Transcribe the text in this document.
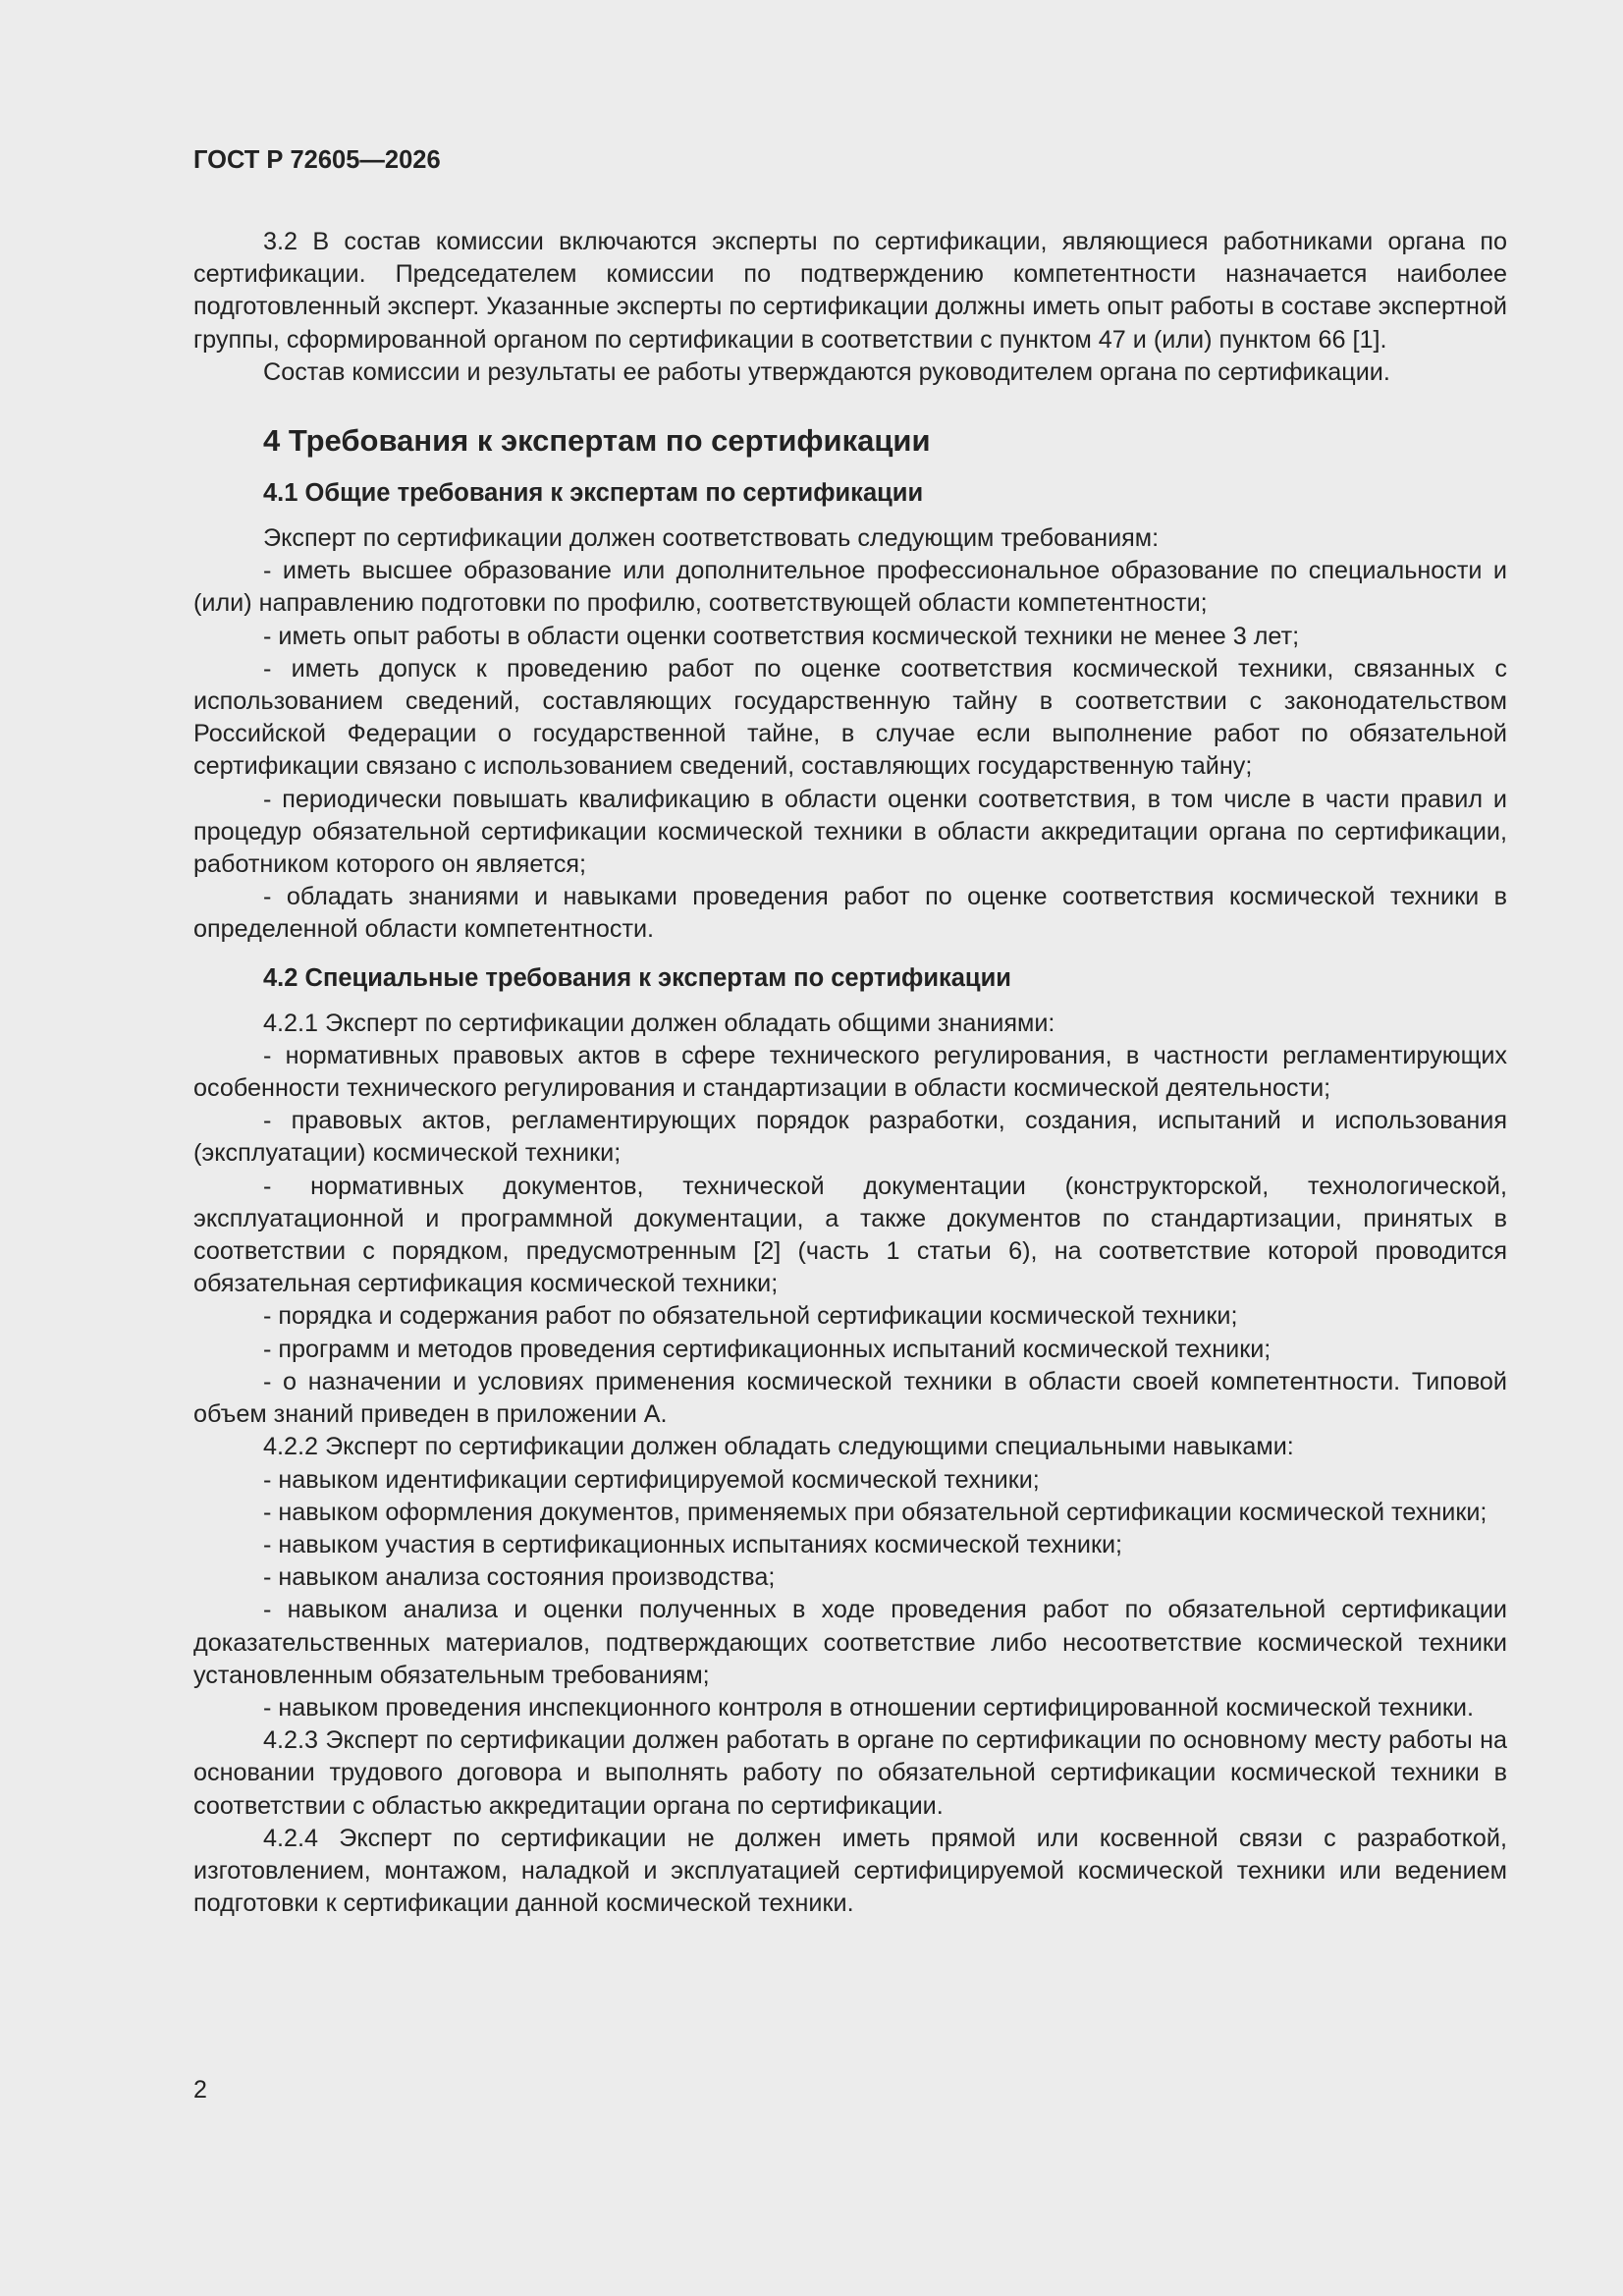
ГОСТ Р 72605—2026

3.2 В состав комиссии включаются эксперты по сертификации, являющиеся работниками органа по сертификации. Председателем комиссии по подтверждению компетентности назначается наиболее подготовленный эксперт. Указанные эксперты по сертификации должны иметь опыт работы в составе экспертной группы, сформированной органом по сертификации в соответствии с пунктом 47 и (или) пунктом 66 [1].

Состав комиссии и результаты ее работы утверждаются руководителем органа по сертификации.

4 Требования к экспертам по сертификации
4.1 Общие требования к экспертам по сертификации

Эксперт по сертификации должен соответствовать следующим требованиям:

- иметь высшее образование или дополнительное профессиональное образование по специальности и (или) направлению подготовки по профилю, соответствующей области компетентности;

- иметь опыт работы в области оценки соответствия космической техники не менее 3 лет;

- иметь допуск к проведению работ по оценке соответствия космической техники, связанных с использованием сведений, составляющих государственную тайну в соответствии с законодательством Российской Федерации о государственной тайне, в случае если выполнение работ по обязательной сертификации связано с использованием сведений, составляющих государственную тайну;

- периодически повышать квалификацию в области оценки соответствия, в том числе в части правил и процедур обязательной сертификации космической техники в области аккредитации органа по сертификации, работником которого он является;

- обладать знаниями и навыками проведения работ по оценке соответствия космической техники в определенной области компетентности.

4.2 Специальные требования к экспертам по сертификации

4.2.1 Эксперт по сертификации должен обладать общими знаниями:

- нормативных правовых актов в сфере технического регулирования, в частности регламентирующих особенности технического регулирования и стандартизации в области космической деятельности;

- правовых актов, регламентирующих порядок разработки, создания, испытаний и использования (эксплуатации) космической техники;

- нормативных документов, технической документации (конструкторской, технологической, эксплуатационной и программной документации, а также документов по стандартизации, принятых в соответствии с порядком, предусмотренным [2] (часть 1 статьи 6), на соответствие которой проводится обязательная сертификация космической техники;

- порядка и содержания работ по обязательной сертификации космической техники;

- программ и методов проведения сертификационных испытаний космической техники;

- о назначении и условиях применения космической техники в области своей компетентности. Типовой объем знаний приведен в приложении А.

4.2.2 Эксперт по сертификации должен обладать следующими специальными навыками:

- навыком идентификации сертифицируемой космической техники;

- навыком оформления документов, применяемых при обязательной сертификации космической техники;

- навыком участия в сертификационных испытаниях космической техники;

- навыком анализа состояния производства;

- навыком анализа и оценки полученных в ходе проведения работ по обязательной сертификации доказательственных материалов, подтверждающих соответствие либо несоответствие космической техники установленным обязательным требованиям;

- навыком проведения инспекционного контроля в отношении сертифицированной космической техники.

4.2.3 Эксперт по сертификации должен работать в органе по сертификации по основному месту работы на основании трудового договора и выполнять работу по обязательной сертификации космической техники в соответствии с областью аккредитации органа по сертификации.

4.2.4 Эксперт по сертификации не должен иметь прямой или косвенной связи с разработкой, изготовлением, монтажом, наладкой и эксплуатацией сертифицируемой космической техники или ведением подготовки к сертификации данной космической техники.

2
